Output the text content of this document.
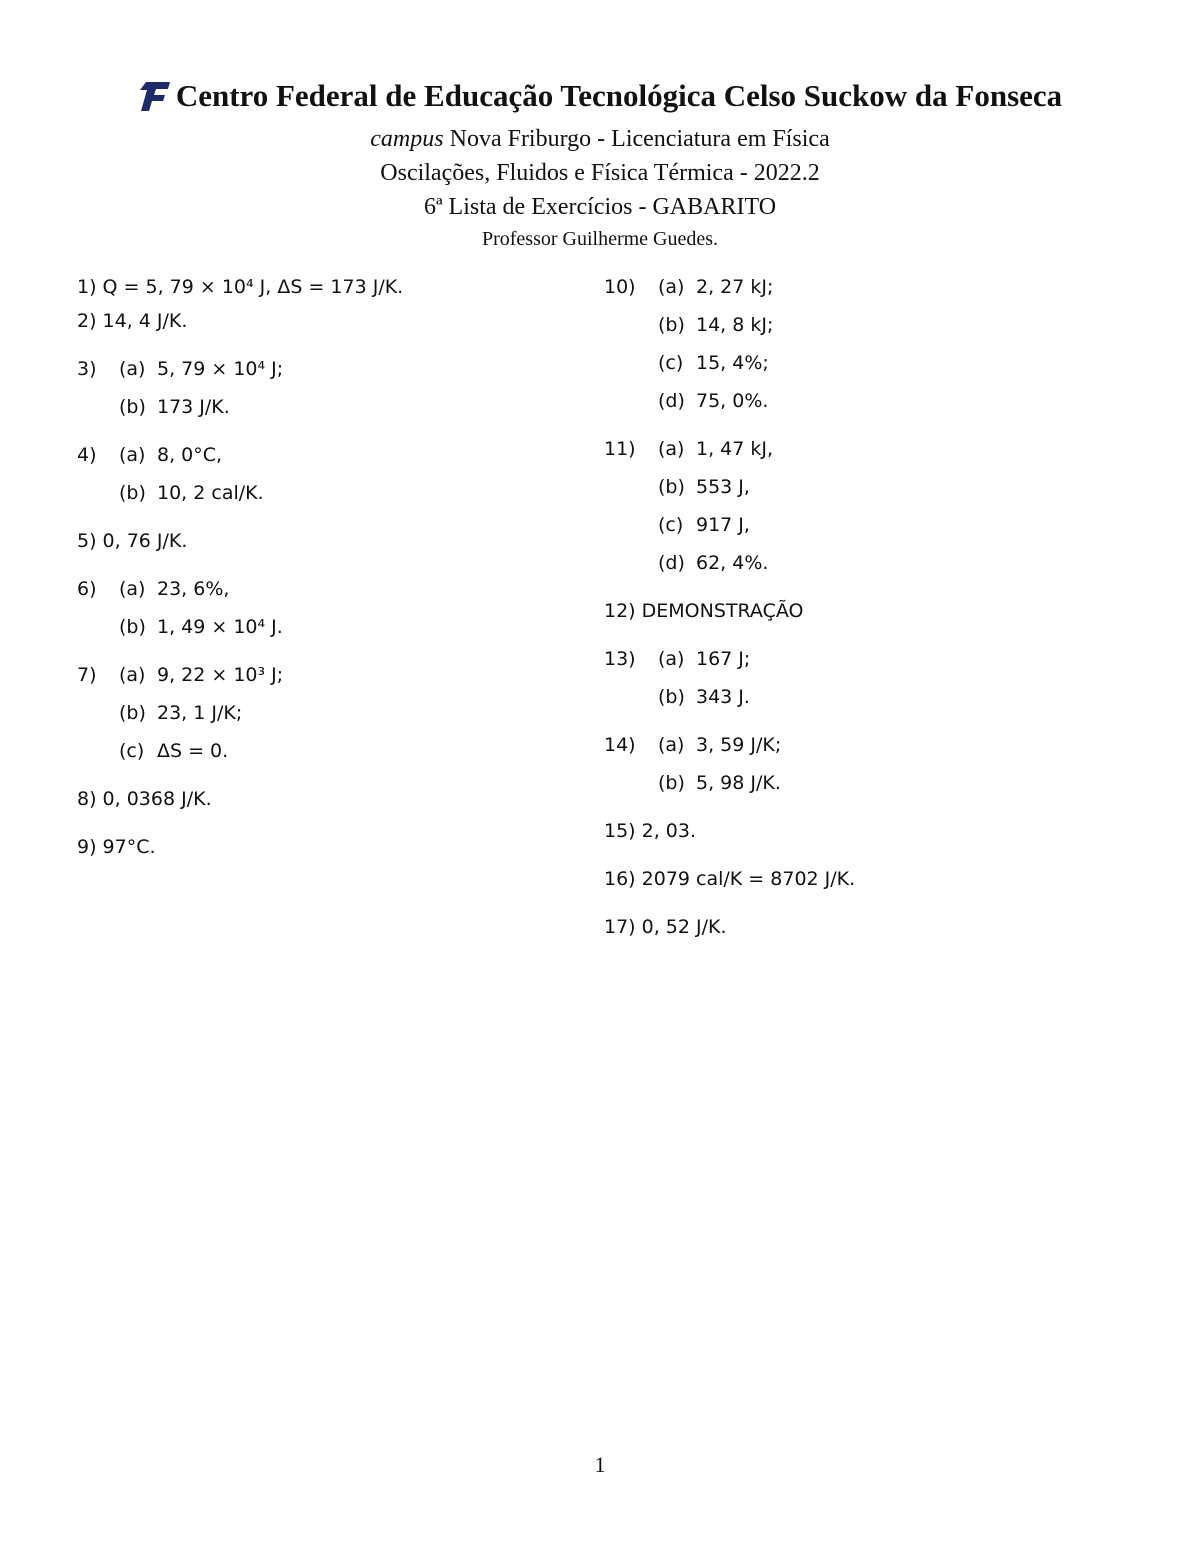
Centro Federal de Educação Tecnológica Celso Suckow da Fonseca
campus Nova Friburgo - Licenciatura em Física
Oscilações, Fluidos e Física Térmica - 2022.2
6ª Lista de Exercícios - GABARITO
Professor Guilherme Guedes.
1) Q = 5, 79 × 10⁴ J, ΔS = 173 J/K.
2) 14, 4 J/K.
3)	(a) 5, 79 × 10⁴ J;
(b) 173 J/K.
4)	(a) 8, 0°C,
(b) 10, 2 cal/K.
5) 0, 76 J/K.
6)	(a) 23, 6%,
(b) 1, 49 × 10⁴ J.
7)	(a) 9, 22 × 10³ J;
(b) 23, 1 J/K;
(c) ΔS = 0.
8) 0, 0368 J/K.
9) 97°C.
10)	(a) 2, 27 kJ;
(b) 14, 8 kJ;
(c) 15, 4%;
(d) 75, 0%.
11)	(a) 1, 47 kJ,
(b) 553 J,
(c) 917 J,
(d) 62, 4%.
12) DEMONSTRAÇÃO
13)	(a) 167 J;
(b) 343 J.
14)	(a) 3, 59 J/K;
(b) 5, 98 J/K.
15) 2, 03.
16) 2079 cal/K = 8702 J/K.
17) 0, 52 J/K.
1
